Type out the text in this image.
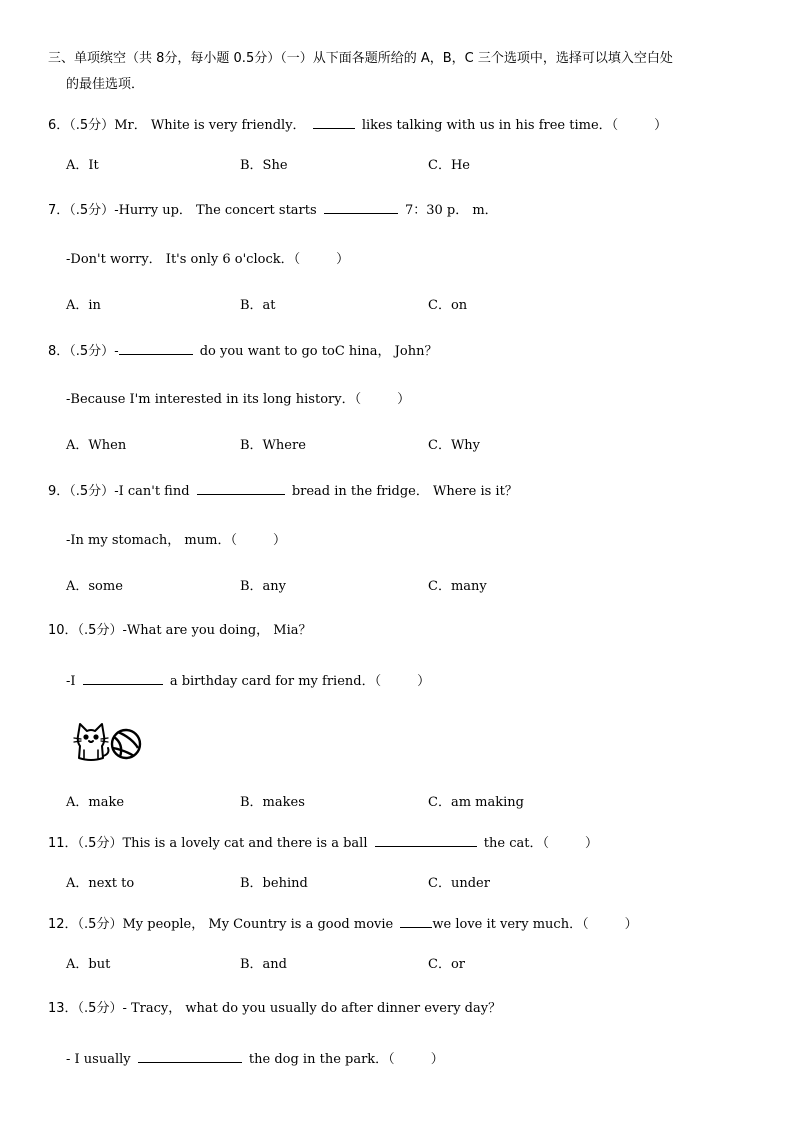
三、单项缤空（共 8分，每小题 0.5分）（一）从下面各题所给的 A，B，C 三个选项中，选择可以填入空白处
的最佳选项．
6．（.5分）Mr． White is very friendly．	likes talking with us in his free time．（	）
A．It	B．She	C．He
7．（.5分）-Hurry up． The concert starts	7：30 p． m．
-Don't worry． It's only 6 o'clock．（	）
A．in	B．at	C．on
8．（.5分）-	do you want to go toC hina， John？
-Because I'm interested in its long history．（	）
A．When	B．Where	C．Why
9．（.5分）-I can't find	bread in the fridge． Where is it？
-In my stomach， mum．（	）
A．some	B．any	C．many
10．（.5分）-What are you doing， Mia？
-I	a birthday card for my friend．（	）
A．make	B．makes	C．am making
11．（.5分）This is a lovely cat and there is a ball	the cat．（	）
A．next to	B．behind	C．under
12．（.5分）My people， My Country is a good movie	we love it very much．（	）
A．but	B．and	C．or
13．（.5分）- Tracy， what do you usually do after dinner every day？
- I usually	the dog in the park．（	）
